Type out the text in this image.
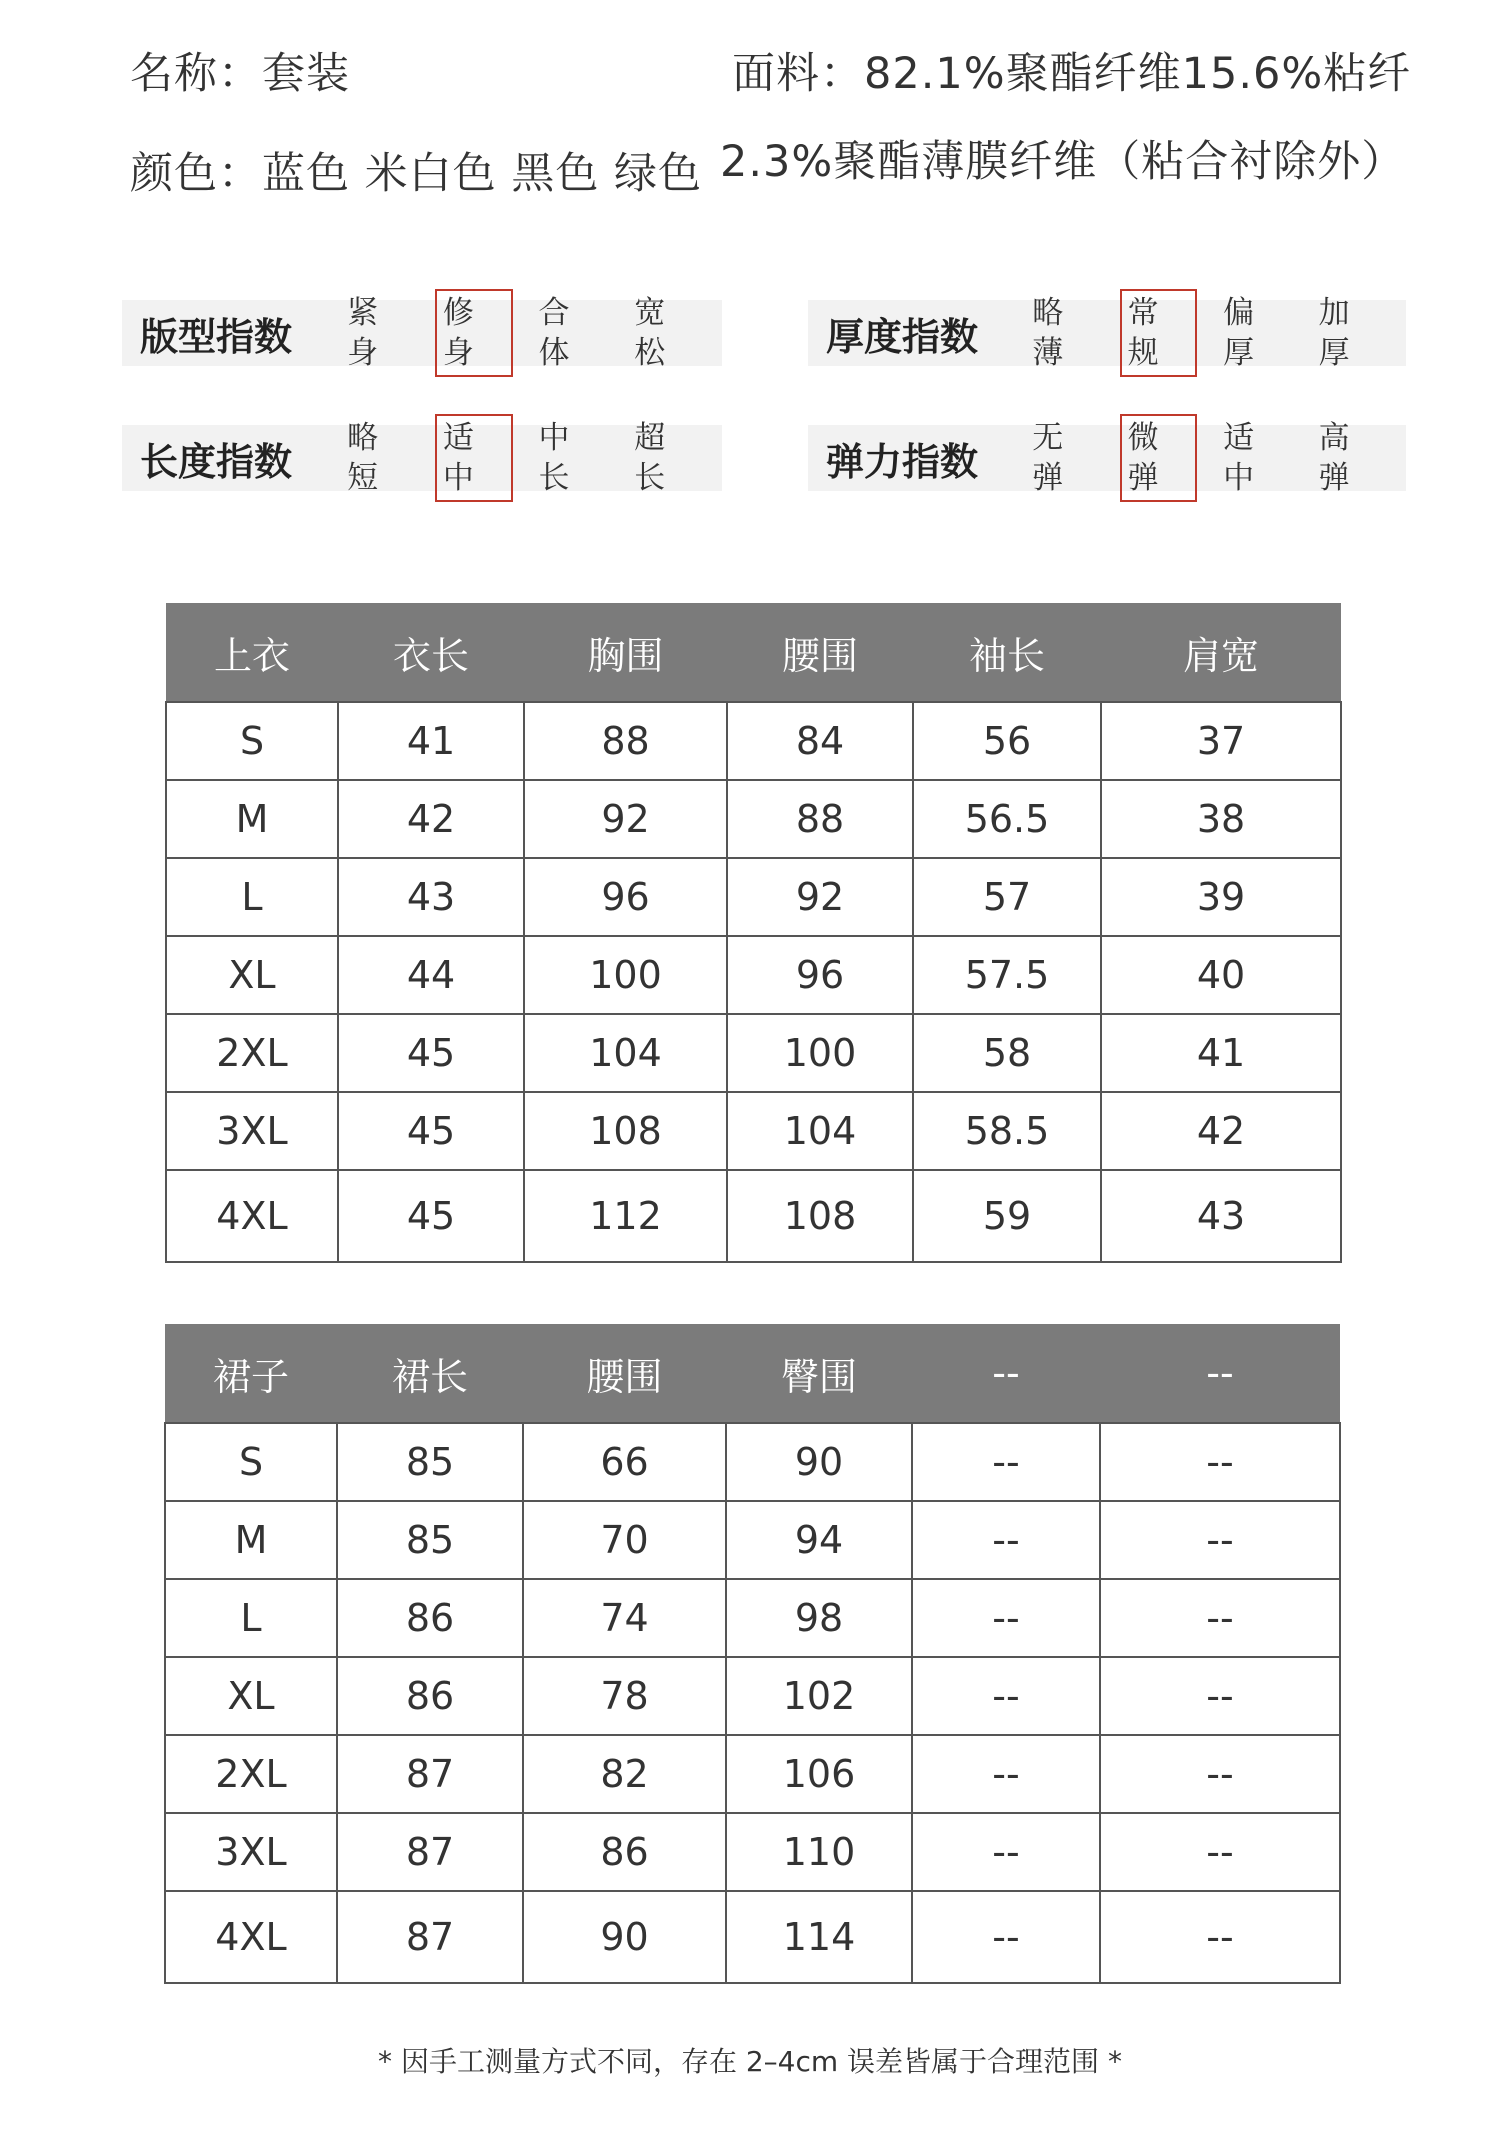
名称：套装
颜色：蓝色 米白色 黑色 绿色
面料：82.1%聚酯纤维15.6%粘纤
2.3%聚酯薄膜纤维（粘合衬除外）
版型指数
紧身
修身
合体
宽松	厚度指数
略薄
常规
偏厚
加厚
长度指数
略短
适中
中长
超长	弹力指数
无弹
微弹
适中
高弹
上衣	衣长	胸围	腰围	袖长	肩宽
S	41	88	84	56	37
M	42	92	88	56.5	38
L	43	96	92	57	39
XL	44	100	96	57.5	40
2XL	45	104	100	58	41
3XL	45	108	104	58.5	42
4XL	45	112	108	59	43
裙子	裙长	腰围	臀围	--	--
S	85	66	90	--	--
M	85	70	94	--	--
L	86	74	98	--	--
XL	86	78	102	--	--
2XL	87	82	106	--	--
3XL	87	86	110	--	--
4XL	87	90	114	--	--
* 因手工测量方式不同，存在 2–4cm 误差皆属于合理范围 *
